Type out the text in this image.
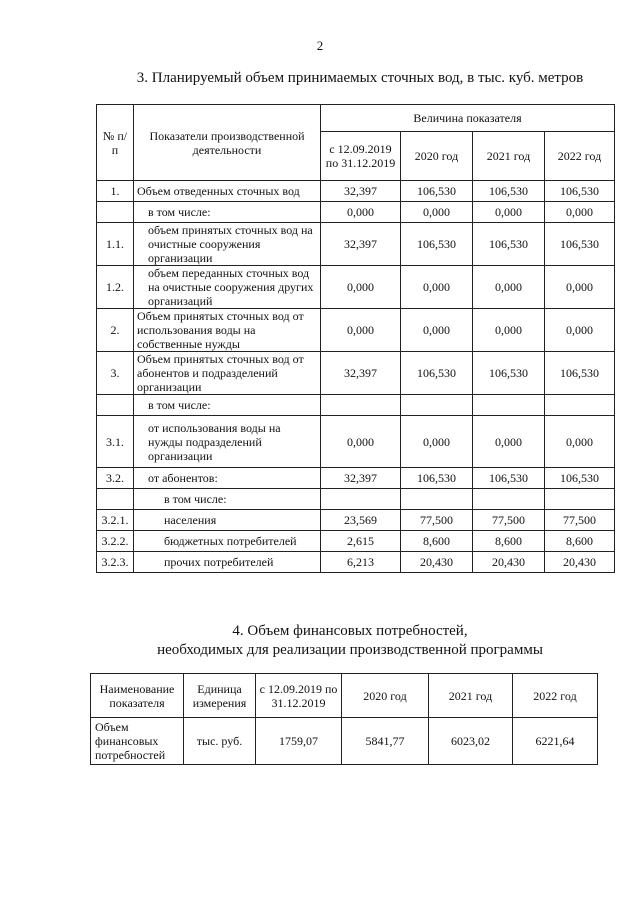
2
3. Планируемый объем принимаемых сточных вод, в тыс. куб. метров
№ п/п	Показатели производственной деятельности	Величина показателя			
		с 12.09.2019 по 31.12.2019	2020 год	2021 год	2022 год
1.	Объем отведенных сточных вод	32,397	106,530	106,530	106,530
	в том числе:	0,000	0,000	0,000	0,000
1.1.	объем принятых сточных вод на очистные сооружения организации	32,397	106,530	106,530	106,530
1.2.	объем переданных сточных вод на очистные сооружения других организаций	0,000	0,000	0,000	0,000
2.	Объем принятых сточных вод от использования воды на собственные нужды	0,000	0,000	0,000	0,000
3.	Объем принятых сточных вод от абонентов и подразделений организации	32,397	106,530	106,530	106,530
	в том числе:				
3.1.	от использования воды на нужды подразделений организации	0,000	0,000	0,000	0,000
3.2.	от абонентов:	32,397	106,530	106,530	106,530
	в том числе:				
3.2.1.	населения	23,569	77,500	77,500	77,500
3.2.2.	бюджетных потребителей	2,615	8,600	8,600	8,600
3.2.3.	прочих потребителей	6,213	20,430	20,430	20,430
4. Объем финансовых потребностей,
необходимых для реализации производственной программы
Наименование показателя	Единица измерения	с 12.09.2019 по 31.12.2019	2020 год	2021 год	2022 год
Объем финансовых потребностей	тыс. руб.	1759,07	5841,77	6023,02	6221,64
